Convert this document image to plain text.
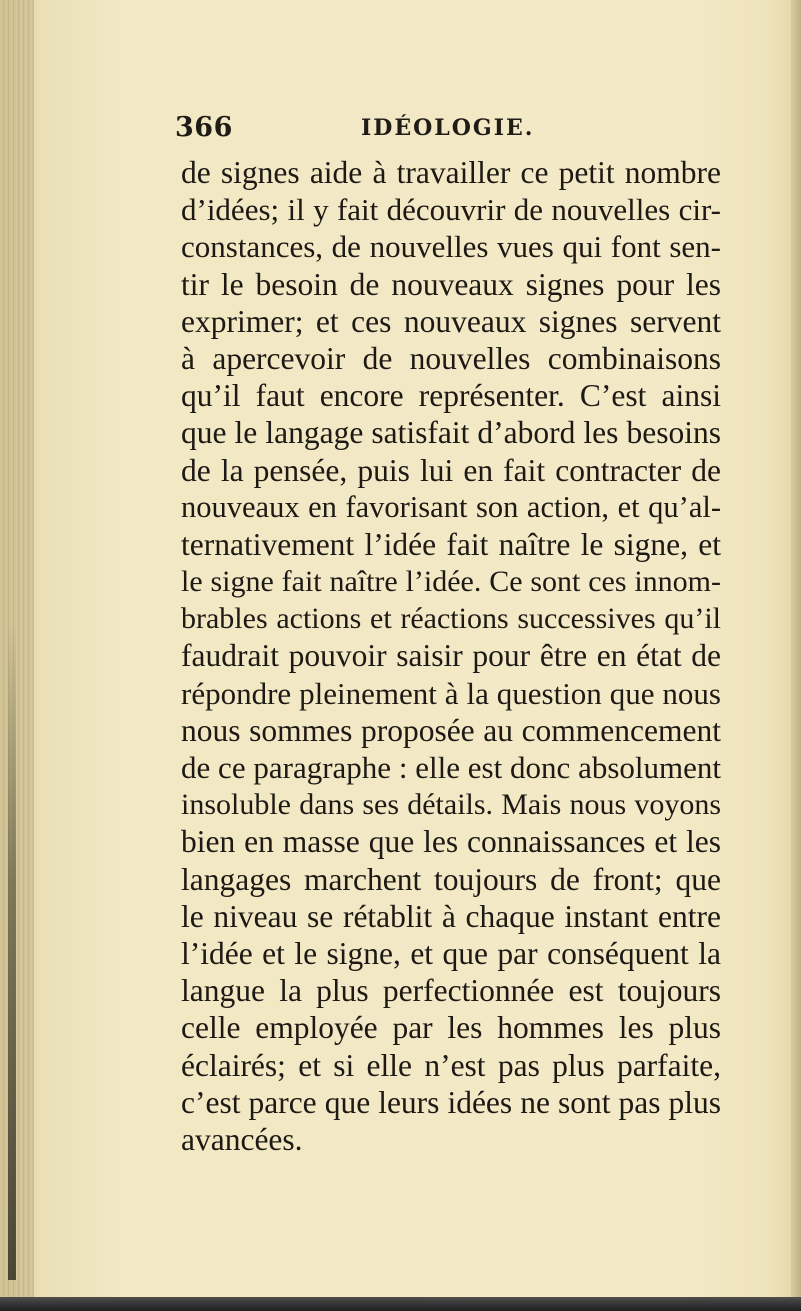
366	IDÉOLOGIE.
de signes aide à travailler ce petit nombre
d’idées; il y fait découvrir de nouvelles cir-
constances, de nouvelles vues qui font sen-
tir le besoin de nouveaux signes pour les
exprimer; et ces nouveaux signes servent
à apercevoir de nouvelles combinaisons
qu’il faut encore représenter. C’est ainsi
que le langage satisfait d’abord les besoins
de la pensée, puis lui en fait contracter de
nouveaux en favorisant son action, et qu’al-
ternativement l’idée fait naître le signe, et
le signe fait naître l’idée. Ce sont ces innom-
brables actions et réactions successives qu’il
faudrait pouvoir saisir pour être en état de
répondre pleinement à la question que nous
nous sommes proposée au commencement
de ce paragraphe : elle est donc absolument
insoluble dans ses détails. Mais nous voyons
bien en masse que les connaissances et les
langages marchent toujours de front; que
le niveau se rétablit à chaque instant entre
l’idée et le signe, et que par conséquent la
langue la plus perfectionnée est toujours
celle employée par les hommes les plus
éclairés; et si elle n’est pas plus parfaite,
c’est parce que leurs idées ne sont pas plus
avancées.
